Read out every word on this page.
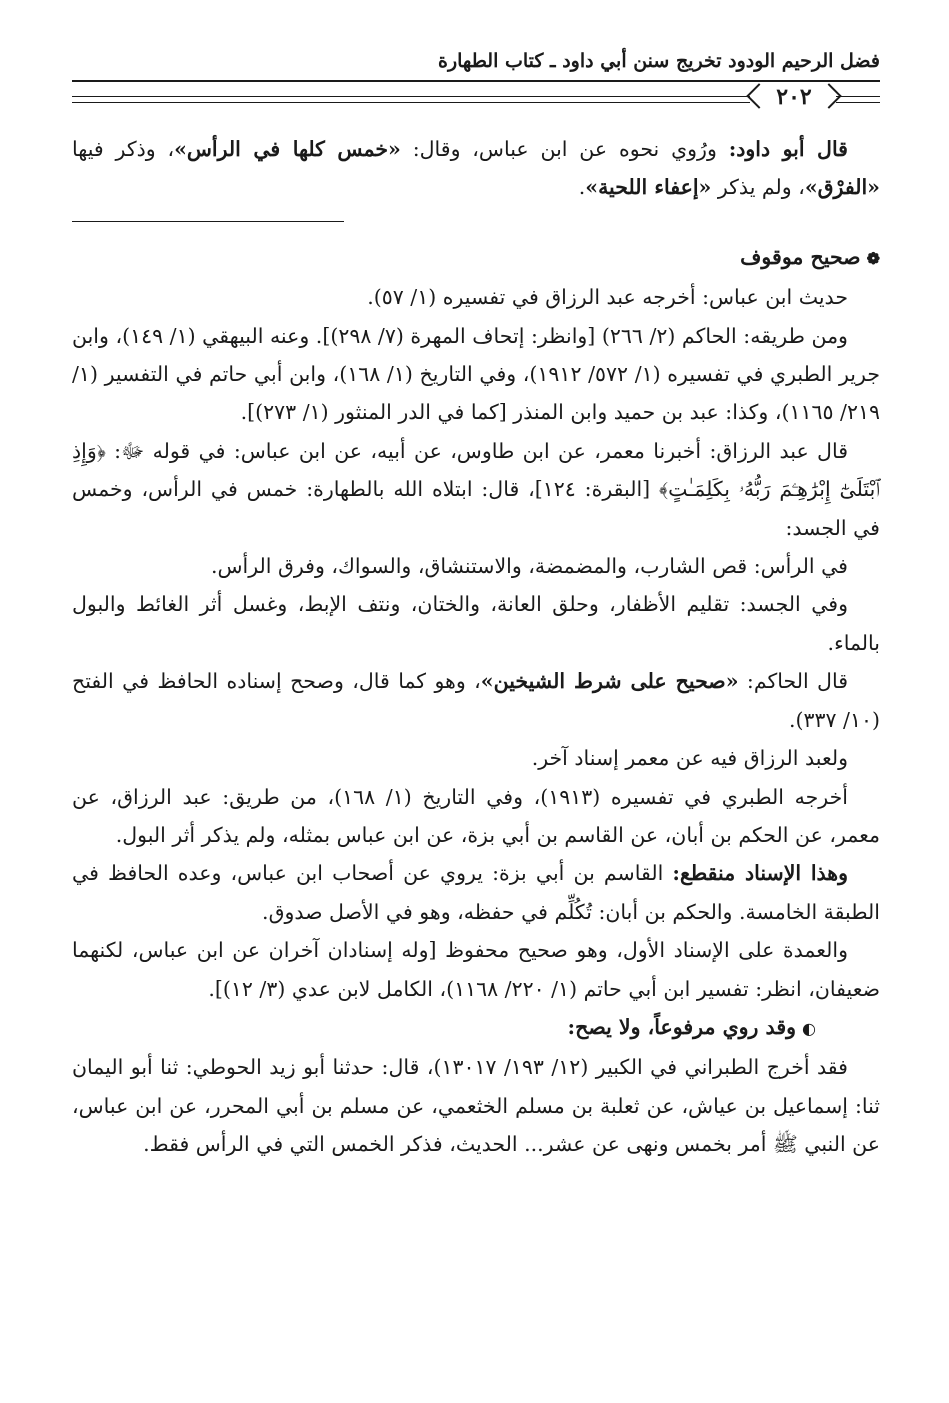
فضل الرحيم الودود تخريج سنن أبي داود ـ كتاب الطهارة
٢٠٢

قال أبو داود: ورُوي نحوه عن ابن عباس، وقال: «خمس كلها في الرأس»، وذكر فيها «الفرْق»، ولم يذكر «إعفاء اللحية».

❁صحيح موقوف

حديث ابن عباس: أخرجه عبد الرزاق في تفسيره (١/ ٥٧).

ومن طريقه: الحاكم (٢/ ٢٦٦) [وانظر: إتحاف المهرة (٧/ ٢٩٨)]. وعنه البيهقي (١/ ١٤٩)، وابن جرير الطبري في تفسيره (١/ ٥٧٢/ ١٩١٢)، وفي التاريخ (١/ ١٦٨)، وابن أبي حاتم في التفسير (١/ ٢١٩/ ١١٦٥)، وكذا: عبد بن حميد وابن المنذر [كما في الدر المنثور (١/ ٢٧٣)].

قال عبد الرزاق: أخبرنا معمر، عن ابن طاوس، عن أبيه، عن ابن عباس: في قوله ﷻ: ﴿وَإِذِ ٱبْتَلَىٰٓ إِبْرَٰهِـۧمَ رَبُّهُۥ بِكَلِمَـٰتٍ﴾ [البقرة: ١٢٤]، قال: ابتلاه الله بالطهارة: خمس في الرأس، وخمس في الجسد:

في الرأس: قص الشارب، والمضمضة، والاستنشاق، والسواك، وفرق الرأس.

وفي الجسد: تقليم الأظفار، وحلق العانة، والختان، ونتف الإبط، وغسل أثر الغائط والبول بالماء.

قال الحاكم: «صحيح على شرط الشيخين»، وهو كما قال، وصحح إسناده الحافظ في الفتح (١٠/ ٣٣٧).

ولعبد الرزاق فيه عن معمر إسناد آخر.

أخرجه الطبري في تفسيره (١٩١٣)، وفي التاريخ (١/ ١٦٨)، من طريق: عبد الرزاق، عن معمر، عن الحكم بن أبان، عن القاسم بن أبي بزة، عن ابن عباس بمثله، ولم يذكر أثر البول.

وهذا الإسناد منقطع: القاسم بن أبي بزة: يروي عن أصحاب ابن عباس، وعده الحافظ في الطبقة الخامسة. والحكم بن أبان: تُكُلِّم في حفظه، وهو في الأصل صدوق.

والعمدة على الإسناد الأول، وهو صحيح محفوظ [وله إسنادان آخران عن ابن عباس، لكنهما ضعيفان، انظر: تفسير ابن أبي حاتم (١/ ٢٢٠/ ١١٦٨)، الكامل لابن عدي (٣/ ١٢)].

◐وقد روي مرفوعاً، ولا يصح:

فقد أخرج الطبراني في الكبير (١٢/ ١٩٣/ ١٣٠١٧)، قال: حدثنا أبو زيد الحوطي: ثنا أبو اليمان ثنا: إسماعيل بن عياش، عن ثعلبة بن مسلم الخثعمي، عن مسلم بن أبي المحرر، عن ابن عباس، عن النبي ﷺ أمر بخمس ونهى عن عشر... الحديث، فذكر الخمس التي في الرأس فقط.
